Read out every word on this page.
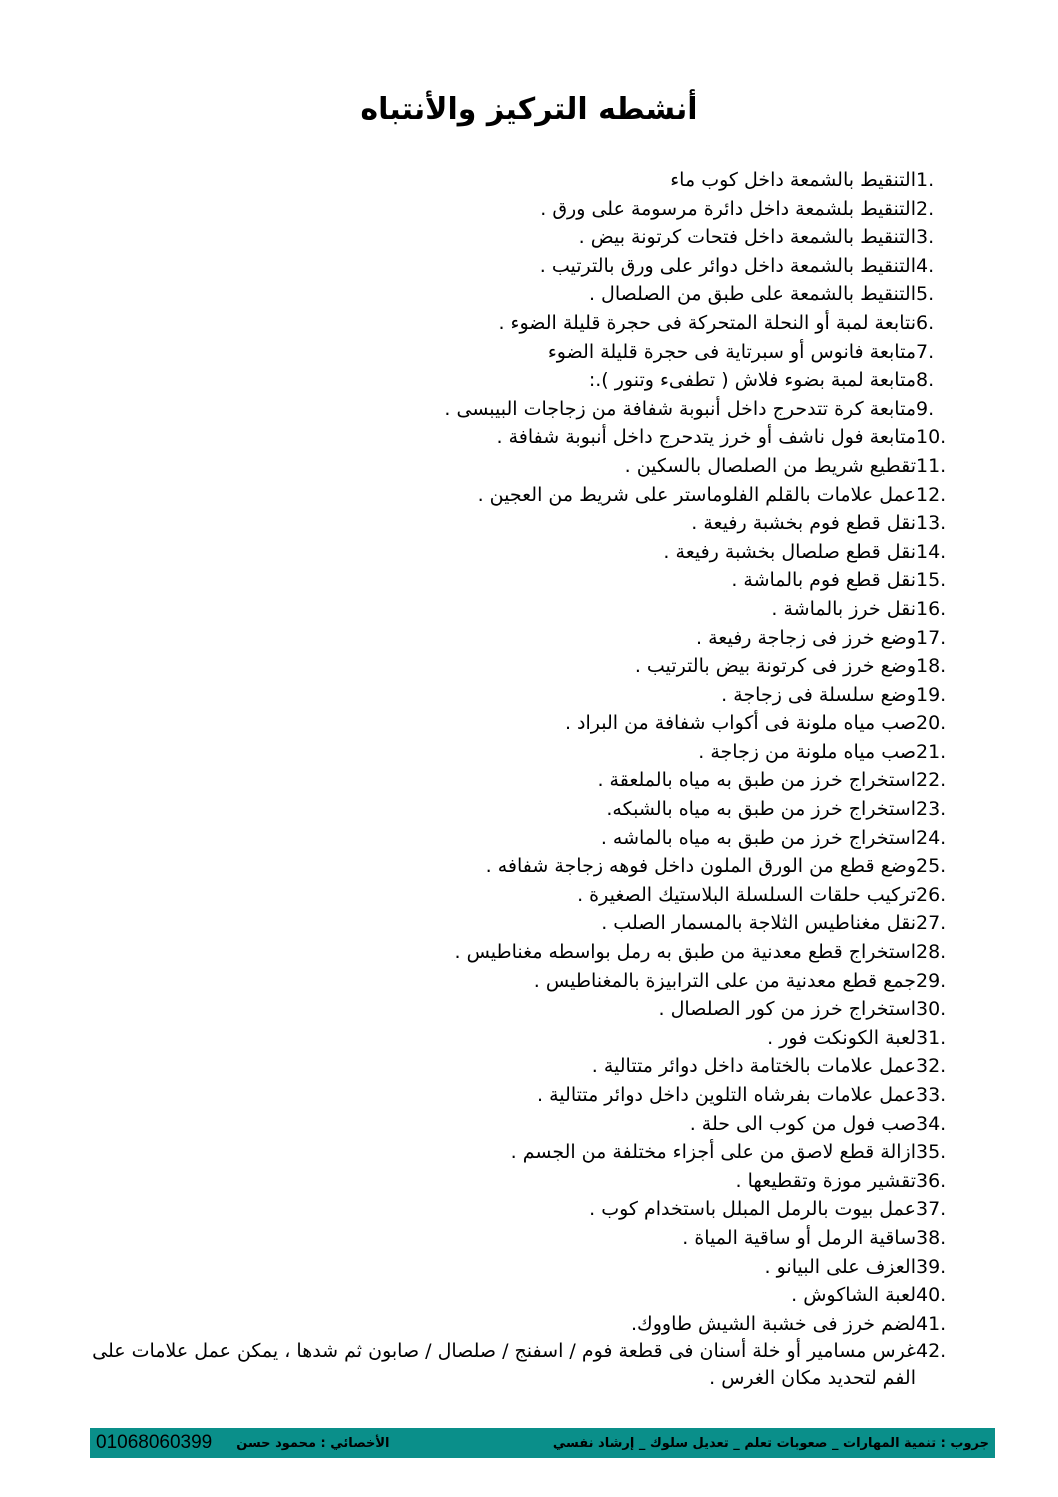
أنشطه التركيز والأنتباه
1.
التنقيط بالشمعة داخل كوب ماء
2.
التنقيط بلشمعة داخل دائرة مرسومة على ورق .
3.
التنقيط بالشمعة داخل فتحات كرتونة بيض .
4.
التنقيط بالشمعة داخل دوائر على ورق بالترتيب .
5.
التنقيط بالشمعة على طبق من الصلصال .
6.
نتابعة لمبة أو النحلة المتحركة فى حجرة قليلة الضوء .
7.
متابعة فانوس أو سبرتاية فى حجرة قليلة الضوء
8.
متابعة لمبة بضوء فلاش ( تطفىء وتنور ).:
9.
متابعة كرة تتدحرج داخل أنبوبة شفافة من زجاجات البيبسى .
10.
متابعة فول ناشف أو خرز يتدحرج داخل أنبوبة شفافة .
11.
تقطيع شريط من الصلصال بالسكين .
12.
عمل علامات بالقلم الفلوماستر على شريط من العجين .
13.
نقل قطع فوم بخشبة رفيعة .
14.
نقل قطع صلصال بخشبة رفيعة .
15.
نقل قطع فوم بالماشة .
16.
نقل خرز بالماشة .
17.
وضع خرز فى زجاجة رفيعة .
18.
وضع خرز فى كرتونة بيض بالترتيب .
19.
وضع سلسلة فى زجاجة .
20.
صب مياه ملونة فى أكواب شفافة من البراد .
21.
صب مياه ملونة من زجاجة .
22.
استخراج خرز من طبق به مياه بالملعقة .
23.
استخراج خرز من طبق به مياه بالشبكه.
24.
استخراج خرز من طبق به مياه بالماشه .
25.
وضع قطع من الورق الملون داخل فوهه زجاجة شفافه .
26.
تركيب حلقات السلسلة البلاستيك الصغيرة .
27.
نقل مغناطيس الثلاجة بالمسمار الصلب .
28.
استخراج قطع معدنية من طبق به رمل بواسطه مغناطيس .
29.
جمع قطع معدنية من على الترابيزة بالمغناطيس .
30.
استخراج خرز من كور الصلصال .
31.
لعبة الكونكت فور .
32.
عمل علامات بالختامة داخل دوائر متتالية .
33.
عمل علامات بفرشاه التلوين داخل دوائر متتالية .
34.
صب فول من كوب الى حلة .
35.
ازالة قطع لاصق من على أجزاء مختلفة من الجسم .
36.
تقشير موزة وتقطيعها .
37.
عمل بيوت بالرمل المبلل باستخدام كوب .
38.
ساقية الرمل أو ساقية المياة .
39.
العزف على البيانو .
40.
لعبة الشاكوش .
41.
لضم خرز فى خشبة الشيش طاووك.
42.
غرس مسامير أو خلة أسنان فى قطعة فوم / اسفنج / صلصال / صابون ثم شدها ، يمكن عمل علامات على الفم لتحديد مكان الغرس .
جروب : تنمية المهارات _ صعوبات تعلم _ تعديل سلوك _ إرشاد نفسي
الأخصائي : محمود حسن
01068060399
